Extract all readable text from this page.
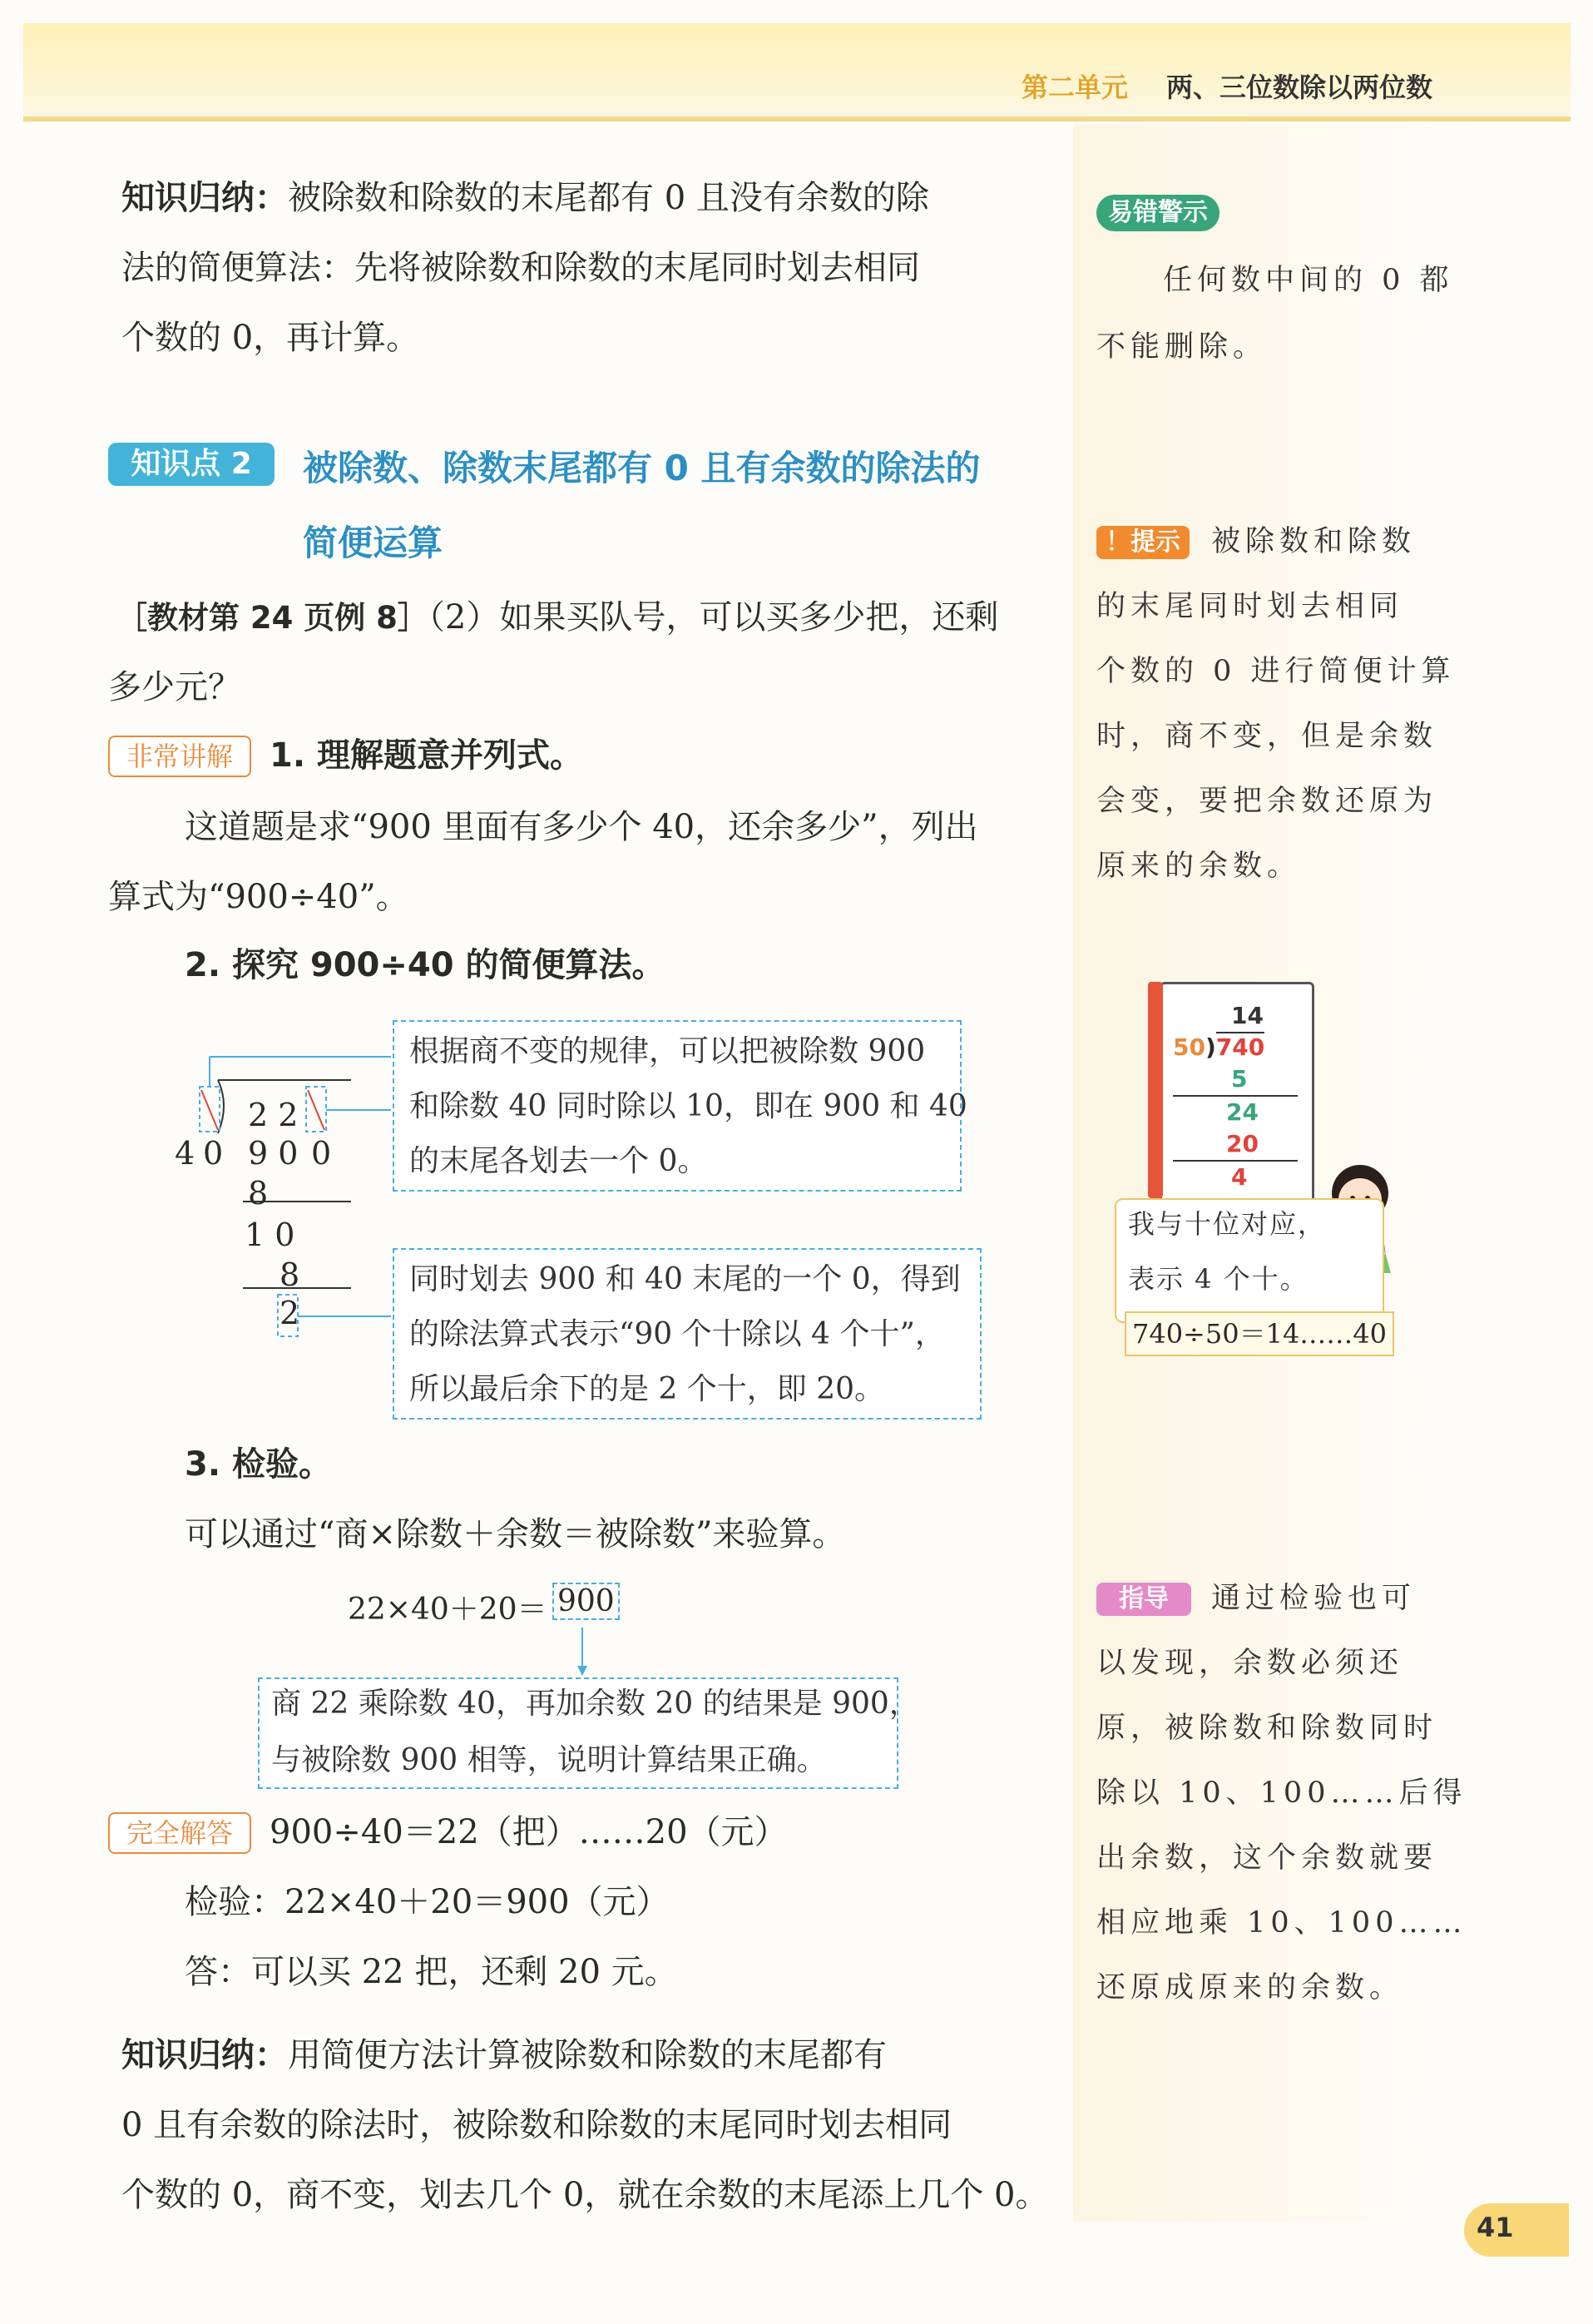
第二单元 两、三位数除以两位数
知识归纳：被除数和除数的末尾都有 0 且没有余数的除
法的简便算法：先将被除数和除数的末尾同时划去相同
个数的 0，再计算。
易错警示
任何数中间的 0 都
不能删除。
知识点 2	被除数、除数末尾都有 0 且有余数的除法的
简便运算
［教材第 24 页例 8］（2）如果买队号，可以买多少把，还剩
多少元？
非常讲解	1. 理解题意并列式。
这道题是求“900 里面有多少个 40，还余多少”，列出
算式为“900÷40”。
2. 探究 900÷40 的简便算法。
2 2
4 0 9 0 0
8
1 0
8
2
根据商不变的规律，可以把被除数 900
和除数 40 同时除以 10，即在 900 和 40
的末尾各划去一个 0。
同时划去 900 和 40 末尾的一个 0，得到
的除法算式表示“90 个十除以 4 个十”，
所以最后余下的是 2 个十，即 20。
3. 检验。
可以通过“商×除数＋余数＝被除数”来验算。
22×40＋20＝ 900
商 22 乘除数 40，再加余数 20 的结果是 900，
与被除数 900 相等，说明计算结果正确。
完全解答	900÷40＝22（把）……20（元）
检验：22×40＋20＝900（元）
答：可以买 22 把，还剩 20 元。
知识归纳：用简便方法计算被除数和除数的末尾都有
0 且有余数的除法时，被除数和除数的末尾同时划去相同
个数的 0，商不变，划去几个 0，就在余数的末尾添上几个 0。
！提示	被除数和除数
的末尾同时划去相同
个数的 0 进行简便计算
时，商不变，但是余数
会变，要把余数还原为
原来的余数。
14
50)740
5
24
20
4
我与十位对应，
表示 4 个十。
740÷50＝14……40
指导	通过检验也可
以发现，余数必须还
原，被除数和除数同时
除以 10、100……后得
出余数，这个余数就要
相应地乘 10、100……
还原成原来的余数。
41
